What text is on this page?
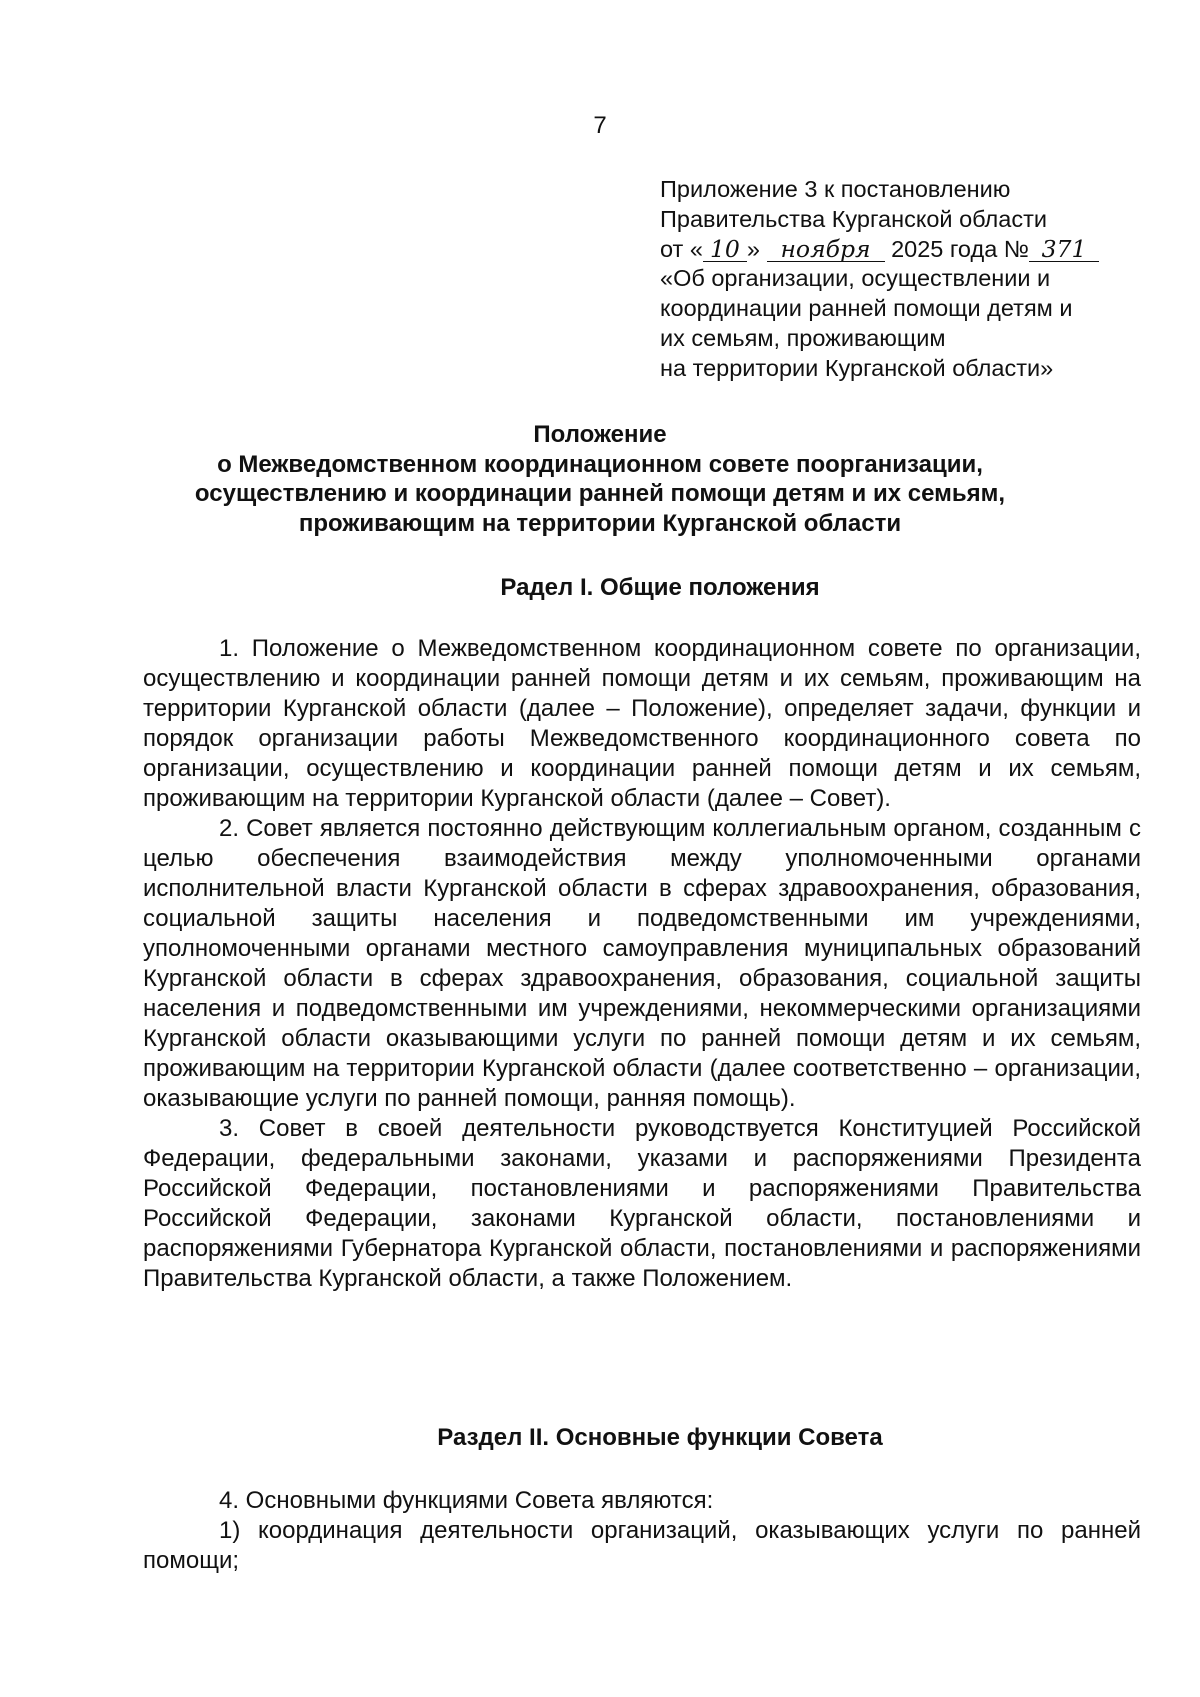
7
Приложение 3 к постановлению
Правительства Курганской области
от « 10 » ноября 2025 года № 371
«Об организации, осуществлении и
координации ранней помощи детям и
их семьям, проживающим
на территории Курганской области»
Положение
о Межведомственном координационном совете поорганизации,
осуществлению и координации ранней помощи детям и их семьям,
проживающим на территории Курганской области
Радел I. Общие положения

1. Положение о Межведомственном координационном совете по организации, осуществлению и координации ранней помощи детям и их семьям, проживающим на территории Курганской области (далее – Положение), определяет задачи, функции и порядок организации работы Межведомственного координационного совета по организации, осуществлению и координации ранней помощи детям и их семьям, проживающим на территории Курганской области (далее – Совет).

2. Совет является постоянно действующим коллегиальным органом, созданным с целью обеспечения взаимодействия между уполномоченными органами исполнительной власти Курганской области в сферах здравоохранения, образования, социальной защиты населения и подведомственными им учреждениями, уполномоченными органами местного самоуправления муниципальных образований Курганской области в сферах здравоохранения, образования, социальной защиты населения и подведомственными им учреждениями, некоммерческими организациями Курганской области оказывающими услуги по ранней помощи детям и их семьям, проживающим на территории Курганской области (далее соответственно – организации, оказывающие услуги по ранней помощи, ранняя помощь).

3. Совет в своей деятельности руководствуется Конституцией Российской Федерации, федеральными законами, указами и распоряжениями Президента Российской Федерации, постановлениями и распоряжениями Правительства Российской Федерации, законами Курганской области, постановлениями и распоряжениями Губернатора Курганской области, постановлениями и распоряжениями Правительства Курганской области, а также Положением.

Раздел II. Основные функции Совета

4. Основными функциями Совета являются:

1) координация деятельности организаций, оказывающих услуги по ранней помощи;
